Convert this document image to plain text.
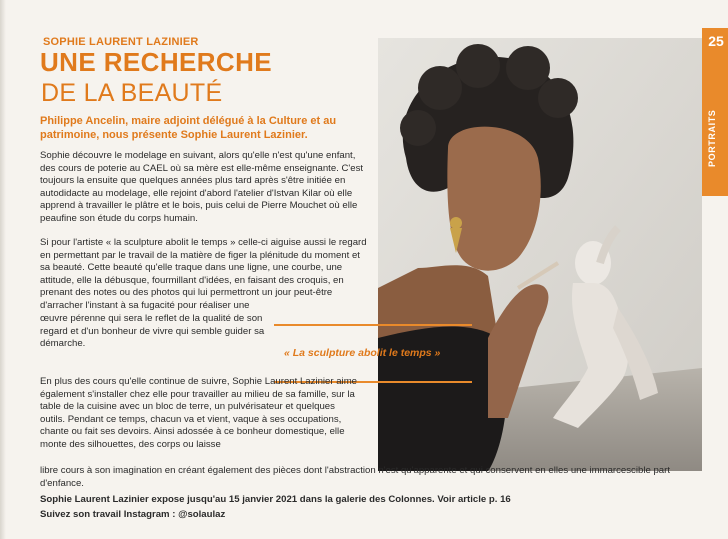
25
PORTRAITS
SOPHIE LAURENT LAZINIER
UNE RECHERCHE
DE LA BEAUTÉ
Philippe Ancelin, maire adjoint délégué à la Culture et au patrimoine, nous présente Sophie Laurent Lazinier.

Sophie découvre le modelage en suivant, alors qu'elle n'est qu'une enfant, des cours de poterie au CAEL où sa mère est elle-même enseignante. C'est toujours la ensuite que quelques années plus tard après s'être initiée en autodidacte au modelage, elle rejoint d'abord l'atelier d'Istvan Kilar où elle apprend à travailler le plâtre et le bois, puis celui de Pierre Mouchet où elle peaufine son étude du corps humain.

Si pour l'artiste « la sculpture abolit le temps » celle-ci aiguise aussi le regard en permettant par le travail de la matière de figer la plénitude du moment et sa beauté. Cette beauté qu'elle traque dans une ligne, une courbe, une attitude, elle la débusque, fourmillant d'idées, en faisant des croquis, en prenant des notes ou des photos qui lui permettront un jour peut-être d'arracher l'instant à sa fugacité pour réaliser une

œuvre pérenne qui sera le reflet de la qualité de son regard et d'un bonheur de vivre qui semble guider sa démarche.

« La sculpture abolit le temps »

En plus des cours qu'elle continue de suivre, Sophie Laurent Lazinier aime également s'installer chez elle pour travailler au milieu de sa famille, sur la table de la cuisine avec un bloc de terre, un pulvérisateur et quelques outils. Pendant ce temps, chacun va et vient, vaque à ses occupations, chante ou fait ses devoirs. Ainsi adossée à ce bonheur domestique, elle monte des silhouettes, des corps ou laisse

libre cours à son imagination en créant également des pièces dont l'abstraction n'est qu'apparente et qui conservent en elles une immarcescible part d'enfance.

Sophie Laurent Lazinier expose jusqu'au 15 janvier 2021 dans la galerie des Colonnes. Voir article p. 16
Suivez son travail Instagram : @solaulaz
